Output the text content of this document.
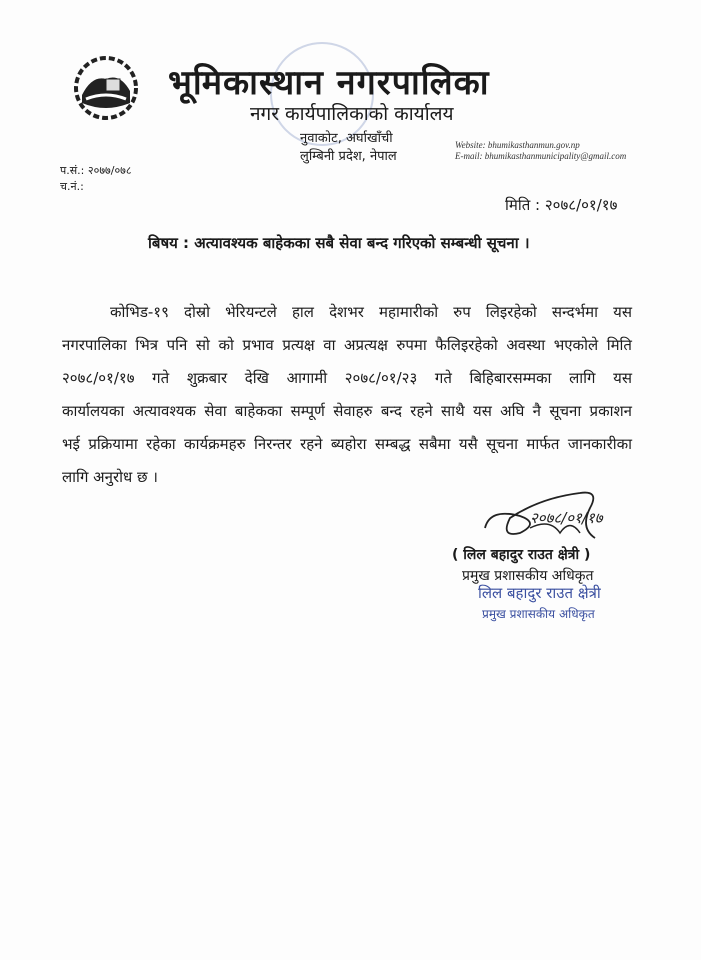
भूमिकास्थान नगरपालिका
नगर कार्यपालिकाको कार्यालय
नुवाकोट, अर्घाखाँची
लुम्बिनी प्रदेश, नेपाल
Website: bhumikasthanmun.gov.np
E-mail: bhumikasthanmunicipality@gmail.com
प.सं.: २०७७/०७८
च.नं.:
मिति : २०७८/०१/१७
बिषय : अत्यावश्यक बाहेकका सबै सेवा बन्द गरिएको सम्बन्धी सूचना ।
कोभिड-१९ दोस्रो भेरियन्टले हाल देशभर महामारीको रुप लिइरहेको सन्दर्भमा यस
नगरपालिका भित्र पनि सो को प्रभाव प्रत्यक्ष वा अप्रत्यक्ष रुपमा फैलिइरहेको अवस्था भएकोले मिति
२०७८/०१/१७ गते शुक्रबार देखि आगामी २०७८/०१/२३ गते बिहिबारसम्मका लागि यस
कार्यालयका अत्यावश्यक सेवा बाहेकका सम्पूर्ण सेवाहरु बन्द रहने साथै यस अघि नै सूचना प्रकाशन
भई प्रक्रियामा रहेका कार्यक्रमहरु निरन्तर रहने ब्यहोरा सम्बद्ध सबैमा यसै सूचना मार्फत जानकारीका
लागि अनुरोध छ ।
२०७८/०१/१७
( लिल बहादुर राउत क्षेत्री )
प्रमुख प्रशासकीय अधिकृत
लिल बहादुर राउत क्षेत्री
प्रमुख प्रशासकीय अधिकृत
